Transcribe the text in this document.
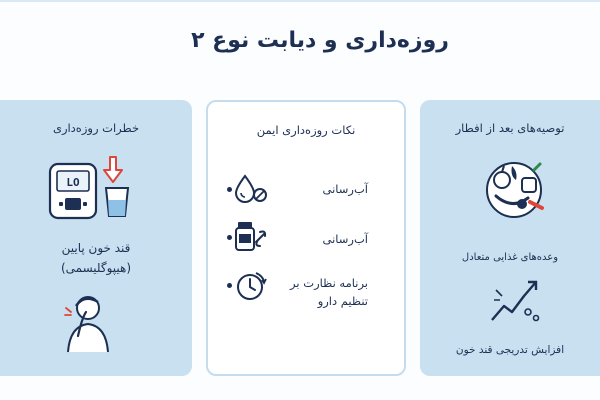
روزه‌داری و دیابت نوع ۲
خطرات روزه‌داری
LO
قند خون پایین
(هیپوگلیسمی)
نکات روزه‌داری ایمن
آب‌رسانی
آب‌رسانی
برنامه نظارت بر
تنظیم دارو
توصیه‌های بعد از افطار
وعده‌های غذایی متعادل
افزایش تدریجی قند خون
